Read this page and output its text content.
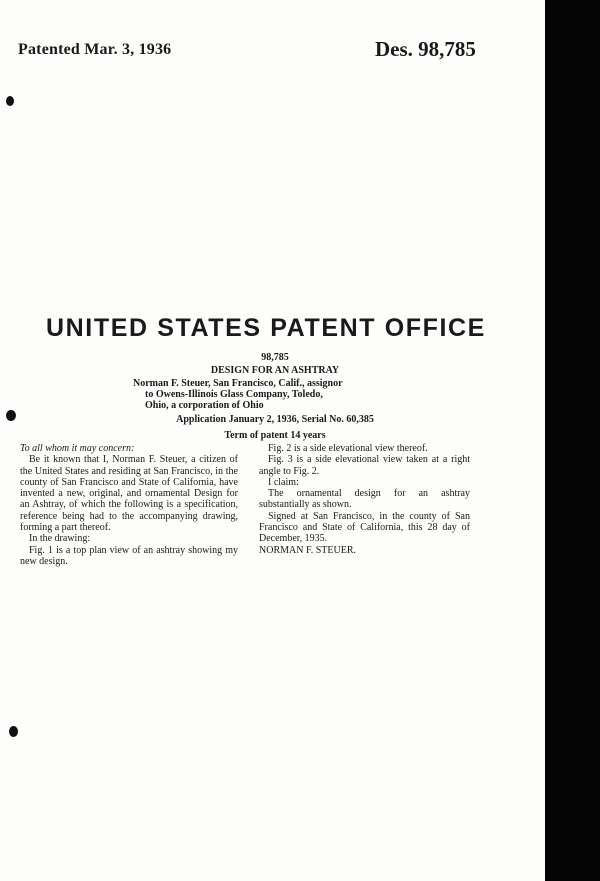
Patented Mar. 3, 1936	Des. 98,785
UNITED STATES PATENT OFFICE
98,785
DESIGN FOR AN ASHTRAY
Norman F. Steuer, San Francisco, Calif., assignor
to Owens-Illinois Glass Company, Toledo,
Ohio, a corporation of Ohio
Application January 2, 1936, Serial No. 60,385
Term of patent 14 years

To all whom it may concern:

Be it known that I, Norman F. Steuer, a citizen of the United States and residing at San Francisco, in the county of San Francisco and State of California, have invented a new, original, and ornamental Design for an Ashtray, of which the following is a specification, reference being had to the accompanying drawing, forming a part thereof.

In the drawing:

Fig. 1 is a top plan view of an ashtray showing my new design.

Fig. 2 is a side elevational view thereof.

Fig. 3 is a side elevational view taken at a right angle to Fig. 2.

I claim:

The ornamental design for an ashtray substantially as shown.

Signed at San Francisco, in the county of San Francisco and State of California, this 28 day of December, 1935.

NORMAN F. STEUER.
